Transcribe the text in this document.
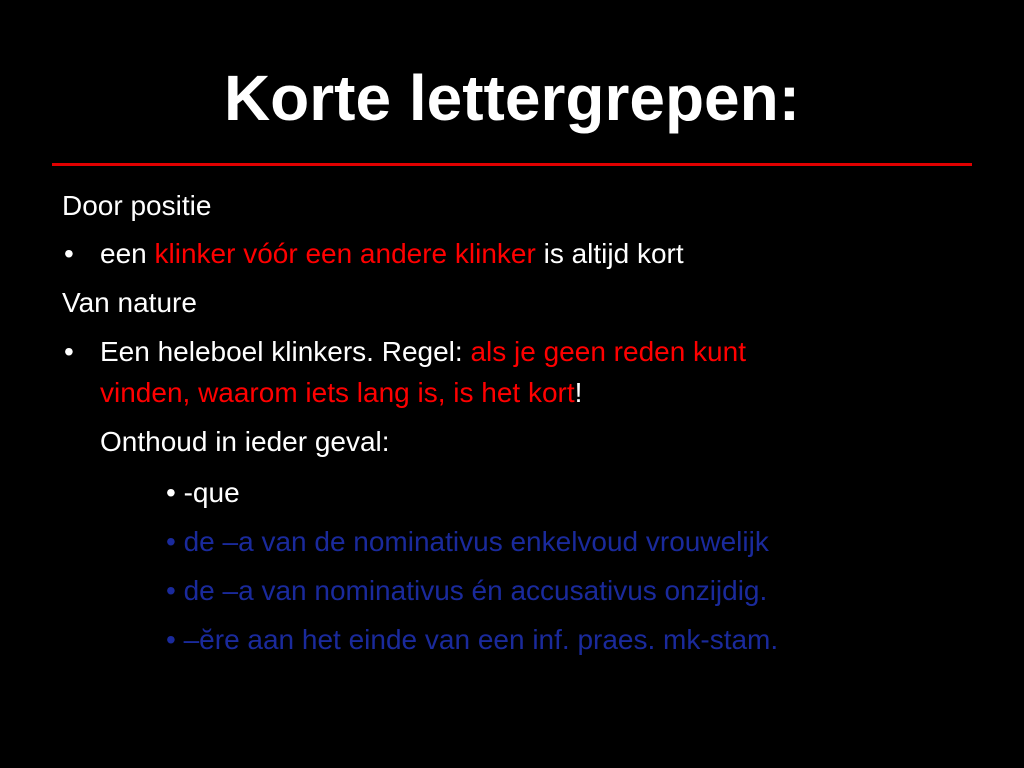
Korte lettergrepen:
Door positie
• een klinker vóór een andere klinker is altijd kort
Van nature
• Een heleboel klinkers. Regel: als je geen reden kunt
vinden, waarom iets lang is, is het kort!
Onthoud in ieder geval:
• -que
• de –a van de nominativus enkelvoud vrouwelijk
• de –a van nominativus én accusativus onzijdig.
• –ĕre aan het einde van een inf. praes. mk-stam.
